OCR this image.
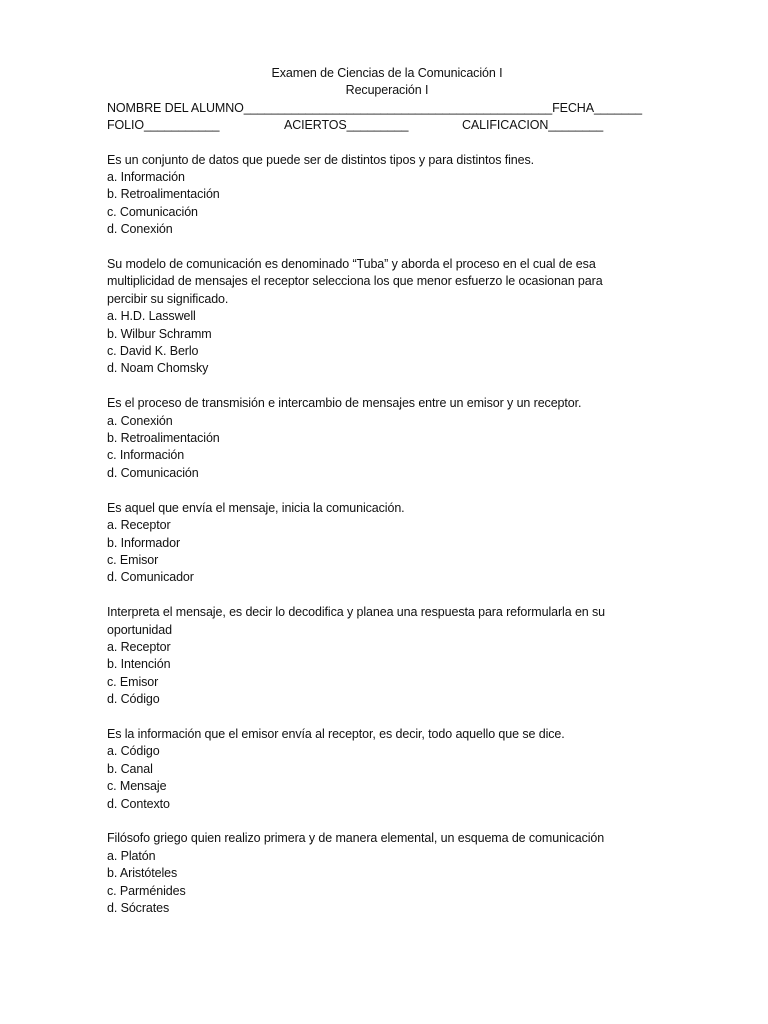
Examen de Ciencias de la Comunicación I
Recuperación I
NOMBRE DEL ALUMNO_____________________________________________FECHA_______
FOLIO___________	ACIERTOS_________	CALIFICACION________
Es un conjunto de datos que puede ser de distintos tipos y para distintos fines.
a. Información
b. Retroalimentación
c. Comunicación
d. Conexión
Su modelo de comunicación es denominado “Tuba” y aborda el proceso en el cual de esa
multiplicidad de mensajes el receptor selecciona los que menor esfuerzo le ocasionan para
percibir su significado.
a. H.D. Lasswell
b. Wilbur Schramm
c. David K. Berlo
d. Noam Chomsky
Es el proceso de transmisión e intercambio de mensajes entre un emisor y un receptor.
a. Conexión
b. Retroalimentación
c. Información
d. Comunicación
Es aquel que envía el mensaje, inicia la comunicación.
a. Receptor
b. Informador
c. Emisor
d. Comunicador
Interpreta el mensaje, es decir lo decodifica y planea una respuesta para reformularla en su
oportunidad
a. Receptor
b. Intención
c. Emisor
d. Código
Es la información que el emisor envía al receptor, es decir, todo aquello que se dice.
a. Código
b. Canal
c. Mensaje
d. Contexto
Filósofo griego quien realizo primera y de manera elemental, un esquema de comunicación
a. Platón
b. Aristóteles
c. Parménides
d. Sócrates
